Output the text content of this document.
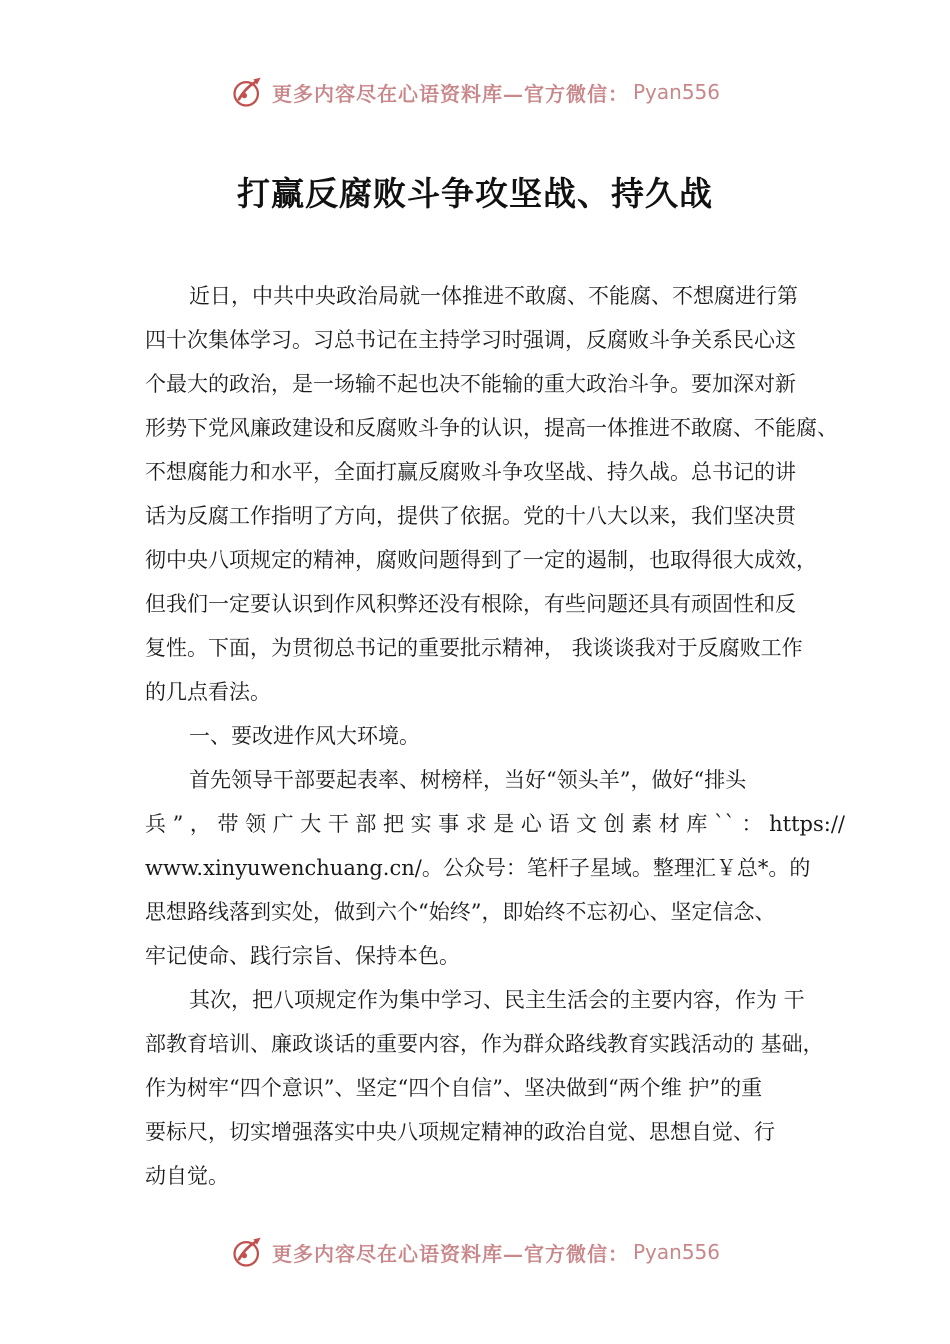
更多内容尽在心语资料库—官方微信： Pyan556
打赢反腐败斗争攻坚战、持久战
近日，中共中央政治局就一体推进不敢腐、不能腐、不想腐进行第
四十次集体学习。习总书记在主持学习时强调，反腐败斗争关系民心这
个最大的政治，是一场输不起也决不能输的重大政治斗争。要加深对新
形势下党风廉政建设和反腐败斗争的认识，提高一体推进不敢腐、不能腐、
不想腐能力和水平，全面打赢反腐败斗争攻坚战、持久战。总书记的讲
话为反腐工作指明了方向，提供了依据。党的十八大以来，我们坚决贯
彻中央八项规定的精神，腐败问题得到了一定的遏制，也取得很大成效，
但我们一定要认识到作风积弊还没有根除，有些问题还具有顽固性和反
复性。下面，为贯彻总书记的重要批示精神， 我谈谈我对于反腐败工作
的几点看法。
一、要改进作风大环境。
首先领导干部要起表率、树榜样，当好“领头羊”，做好“排头
兵”，带领广大干部把实事求是心语文创素材库``：https://
www.xinyuwenchuang.cn/。公众号：笔杆子星域。整理汇￥总*。的
思想路线落到实处，做到六个“始终”，即始终不忘初心、坚定信念、
牢记使命、践行宗旨、保持本色。
其次，把八项规定作为集中学习、民主生活会的主要内容，作为 干
部教育培训、廉政谈话的重要内容，作为群众路线教育实践活动的 基础，
作为树牢“四个意识”、坚定“四个自信”、坚决做到“两个维 护”的重
要标尺，切实增强落实中央八项规定精神的政治自觉、思想自觉、行
动自觉。
更多内容尽在心语资料库—官方微信： Pyan556
